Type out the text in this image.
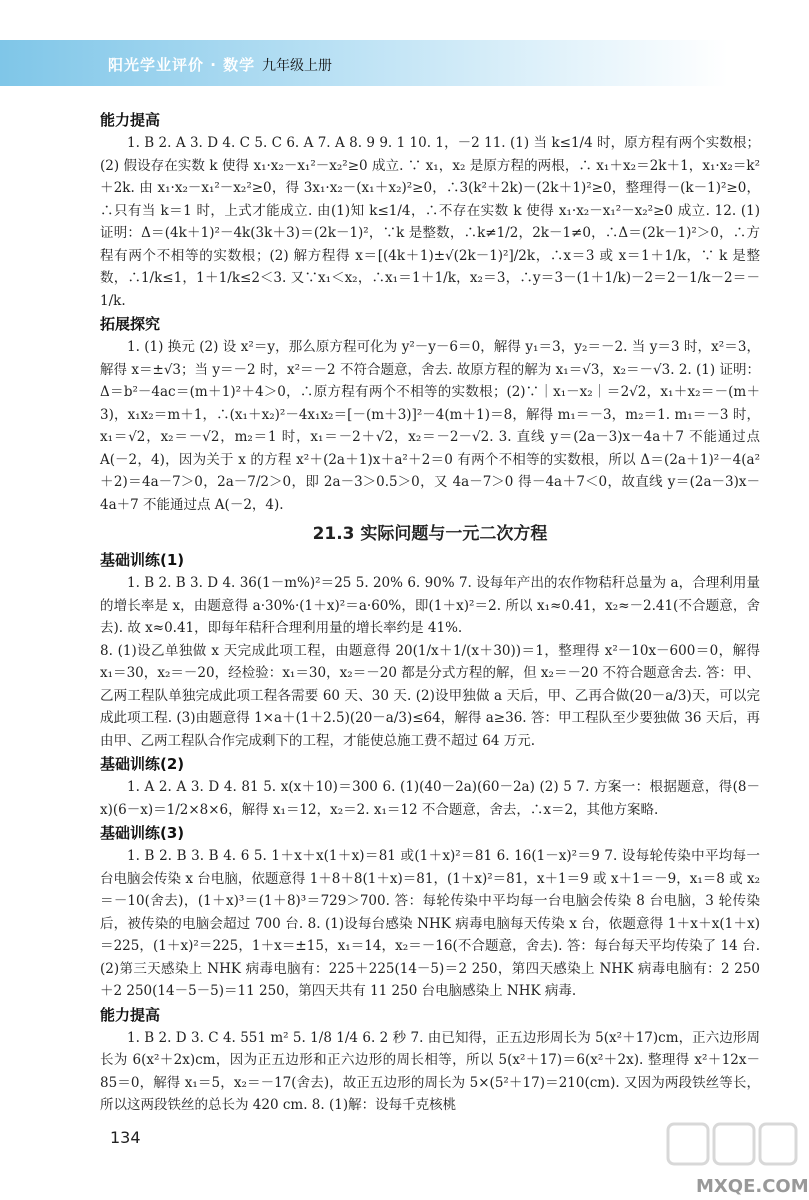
阳光学业评价 · 数学 九年级上册
能力提高

1. B 2. A 3. D 4. C 5. C 6. A 7. A 8. 9 9. 1 10. 1，－2 11. (1) 当 k≤1/4 时，原方程有两个实数根；(2) 假设存在实数 k 使得 x₁·x₂－x₁²－x₂²≥0 成立. ∵ x₁，x₂ 是原方程的两根，∴ x₁＋x₂＝2k＋1，x₁·x₂＝k²＋2k. 由 x₁·x₂－x₁²－x₂²≥0，得 3x₁·x₂－(x₁＋x₂)²≥0，∴3(k²＋2k)－(2k＋1)²≥0，整理得－(k－1)²≥0，∴只有当 k＝1 时，上式才能成立. 由(1)知 k≤1/4，∴不存在实数 k 使得 x₁·x₂－x₁²－x₂²≥0 成立. 12. (1) 证明：Δ＝(4k＋1)²－4k(3k＋3)＝(2k－1)²，∵k 是整数，∴k≠1/2，2k－1≠0，∴Δ＝(2k－1)²＞0，∴方程有两个不相等的实数根；(2) 解方程得 x＝[(4k＋1)±√(2k－1)²]/2k，∴x＝3 或 x＝1＋1/k，∵ k 是整数，∴1/k≤1，1＋1/k≤2＜3. 又∵x₁＜x₂，∴x₁＝1＋1/k，x₂＝3，∴y＝3－(1＋1/k)－2＝2－1/k－2＝－1/k.

拓展探究

1. (1) 换元 (2) 设 x²＝y，那么原方程可化为 y²－y－6＝0，解得 y₁＝3，y₂＝－2. 当 y＝3 时，x²＝3，解得 x＝±√3；当 y＝－2 时，x²＝－2 不符合题意，舍去. 故原方程的解为 x₁＝√3，x₂＝－√3. 2. (1) 证明：Δ＝b²－4ac＝(m＋1)²＋4＞0，∴原方程有两个不相等的实数根；(2)∵｜x₁－x₂｜＝2√2，x₁＋x₂＝－(m＋3)，x₁x₂＝m＋1，∴(x₁＋x₂)²－4x₁x₂＝[－(m＋3)]²－4(m＋1)＝8，解得 m₁＝－3，m₂＝1. m₁＝－3 时，x₁＝√2，x₂＝－√2，m₂＝1 时，x₁＝－2＋√2，x₂＝－2－√2. 3. 直线 y＝(2a－3)x－4a＋7 不能通过点 A(－2，4)，因为关于 x 的方程 x²＋(2a＋1)x＋a²＋2＝0 有两个不相等的实数根，所以 Δ＝(2a＋1)²－4(a²＋2)＝4a－7＞0，2a－7/2＞0，即 2a－3＞0.5＞0，又 4a－7＞0 得－4a＋7＜0，故直线 y＝(2a－3)x－4a＋7 不能通过点 A(－2，4).

21.3 实际问题与一元二次方程
基础训练(1)

1. B 2. B 3. D 4. 36(1－m%)²＝25 5. 20% 6. 90% 7. 设每年产出的农作物秸秆总量为 a，合理利用量的增长率是 x，由题意得 a·30%·(1＋x)²＝a·60%，即(1＋x)²＝2. 所以 x₁≈0.41，x₂≈－2.41(不合题意，舍去). 故 x≈0.41，即每年秸秆合理利用量的增长率约是 41%.

8. (1)设乙单独做 x 天完成此项工程，由题意得 20(1/x＋1/(x＋30))＝1，整理得 x²－10x－600＝0，解得 x₁＝30，x₂＝－20，经检验：x₁＝30，x₂＝－20 都是分式方程的解，但 x₂＝－20 不符合题意舍去. 答：甲、乙两工程队单独完成此项工程各需要 60 天、30 天. (2)设甲独做 a 天后，甲、乙再合做(20－a/3)天，可以完成此项工程. (3)由题意得 1×a＋(1＋2.5)(20－a/3)≤64，解得 a≥36. 答：甲工程队至少要独做 36 天后，再由甲、乙两工程队合作完成剩下的工程，才能使总施工费不超过 64 万元.

基础训练(2)

1. A 2. A 3. D 4. 81 5. x(x＋10)＝300 6. (1)(40－2a)(60－2a) (2) 5 7. 方案一：根据题意，得(8－x)(6－x)＝1/2×8×6，解得 x₁＝12，x₂＝2. x₁＝12 不合题意，舍去，∴x＝2，其他方案略.

基础训练(3)

1. B 2. B 3. B 4. 6 5. 1＋x＋x(1＋x)＝81 或(1＋x)²＝81 6. 16(1－x)²＝9 7. 设每轮传染中平均每一台电脑会传染 x 台电脑，依题意得 1＋8＋8(1＋x)＝81，(1＋x)²＝81，x＋1＝9 或 x＋1＝－9，x₁＝8 或 x₂＝－10(舍去)，(1＋x)³＝(1＋8)³＝729＞700. 答：每轮传染中平均每一台电脑会传染 8 台电脑，3 轮传染后，被传染的电脑会超过 700 台. 8. (1)设每台感染 NHK 病毒电脑每天传染 x 台，依题意得 1＋x＋x(1＋x)＝225，(1＋x)²＝225，1＋x＝±15，x₁＝14，x₂＝－16(不合题意，舍去). 答：每台每天平均传染了 14 台. (2)第三天感染上 NHK 病毒电脑有：225＋225(14－5)＝2 250，第四天感染上 NHK 病毒电脑有：2 250＋2 250(14－5－5)＝11 250，第四天共有 11 250 台电脑感染上 NHK 病毒.

能力提高

1. B 2. D 3. C 4. 551 m² 5. 1/8 1/4 6. 2 秒 7. 由已知得，正五边形周长为 5(x²＋17)cm，正六边形周长为 6(x²＋2x)cm，因为正五边形和正六边形的周长相等，所以 5(x²＋17)＝6(x²＋2x). 整理得 x²＋12x－85＝0，解得 x₁＝5，x₂＝－17(舍去)，故正五边形的周长为 5×(5²＋17)＝210(cm). 又因为两段铁丝等长，所以这两段铁丝的总长为 420 cm. 8. (1)解：设每千克核桃

134
MXQE.COM
